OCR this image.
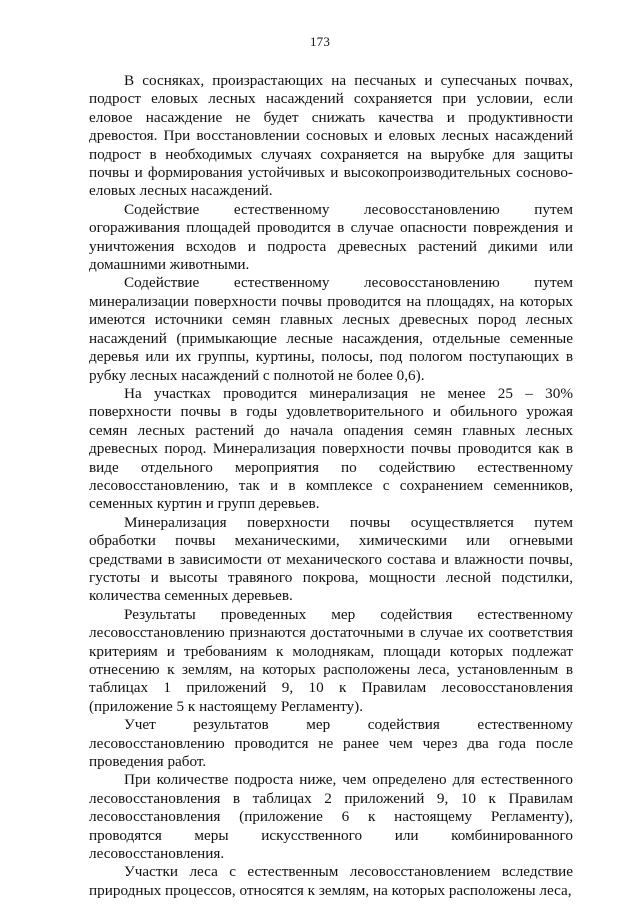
173

В сосняках, произрастающих на песчаных и супесчаных почвах, подрост еловых лесных насаждений сохраняется при условии, если еловое насаждение не будет снижать качества и продуктивности древостоя. При восстановлении сосновых и еловых лесных насаждений подрост в необходимых случаях сохраняется на вырубке для защиты почвы и формирования устойчивых и высокопроизводительных сосново-еловых лесных насаждений.

Содействие естественному лесовосстановлению путем огораживания площадей проводится в случае опасности повреждения и уничтожения всходов и подроста древесных растений дикими или домашними животными.

Содействие естественному лесовосстановлению путем минерализации поверхности почвы проводится на площадях, на которых имеются источники семян главных лесных древесных пород лесных насаждений (примыкающие лесные насаждения, отдельные семенные деревья или их группы, куртины, полосы, под пологом поступающих в рубку лесных насаждений с полнотой не более 0,6).

На участках проводится минерализация не менее 25 – 30% поверхности почвы в годы удовлетворительного и обильного урожая семян лесных растений до начала опадения семян главных лесных древесных пород. Минерализация поверхности почвы проводится как в виде отдельного мероприятия по содействию естественному лесовосстановлению, так и в комплексе с сохранением семенников, семенных куртин и групп деревьев.

Минерализация поверхности почвы осуществляется путем обработки почвы механическими, химическими или огневыми средствами в зависимости от механического состава и влажности почвы, густоты и высоты травяного покрова, мощности лесной подстилки, количества семенных деревьев.

Результаты проведенных мер содействия естественному лесовосстановлению признаются достаточными в случае их соответствия критериям и требованиям к молоднякам, площади которых подлежат отнесению к землям, на которых расположены леса, установленным в таблицах 1 приложений 9, 10 к Правилам лесовосстановления (приложение 5 к настоящему Регламенту).

Учет результатов мер содействия естественному лесовосстановлению проводится не ранее чем через два года после проведения работ.

При количестве подроста ниже, чем определено для естественного лесовосстановления в таблицах 2 приложений 9, 10 к Правилам лесовосстановления (приложение 6 к настоящему Регламенту), проводятся меры искусственного или комбинированного лесовосстановления.

Участки леса с естественным лесовосстановлением вследствие природных процессов, относятся к землям, на которых расположены леса,
